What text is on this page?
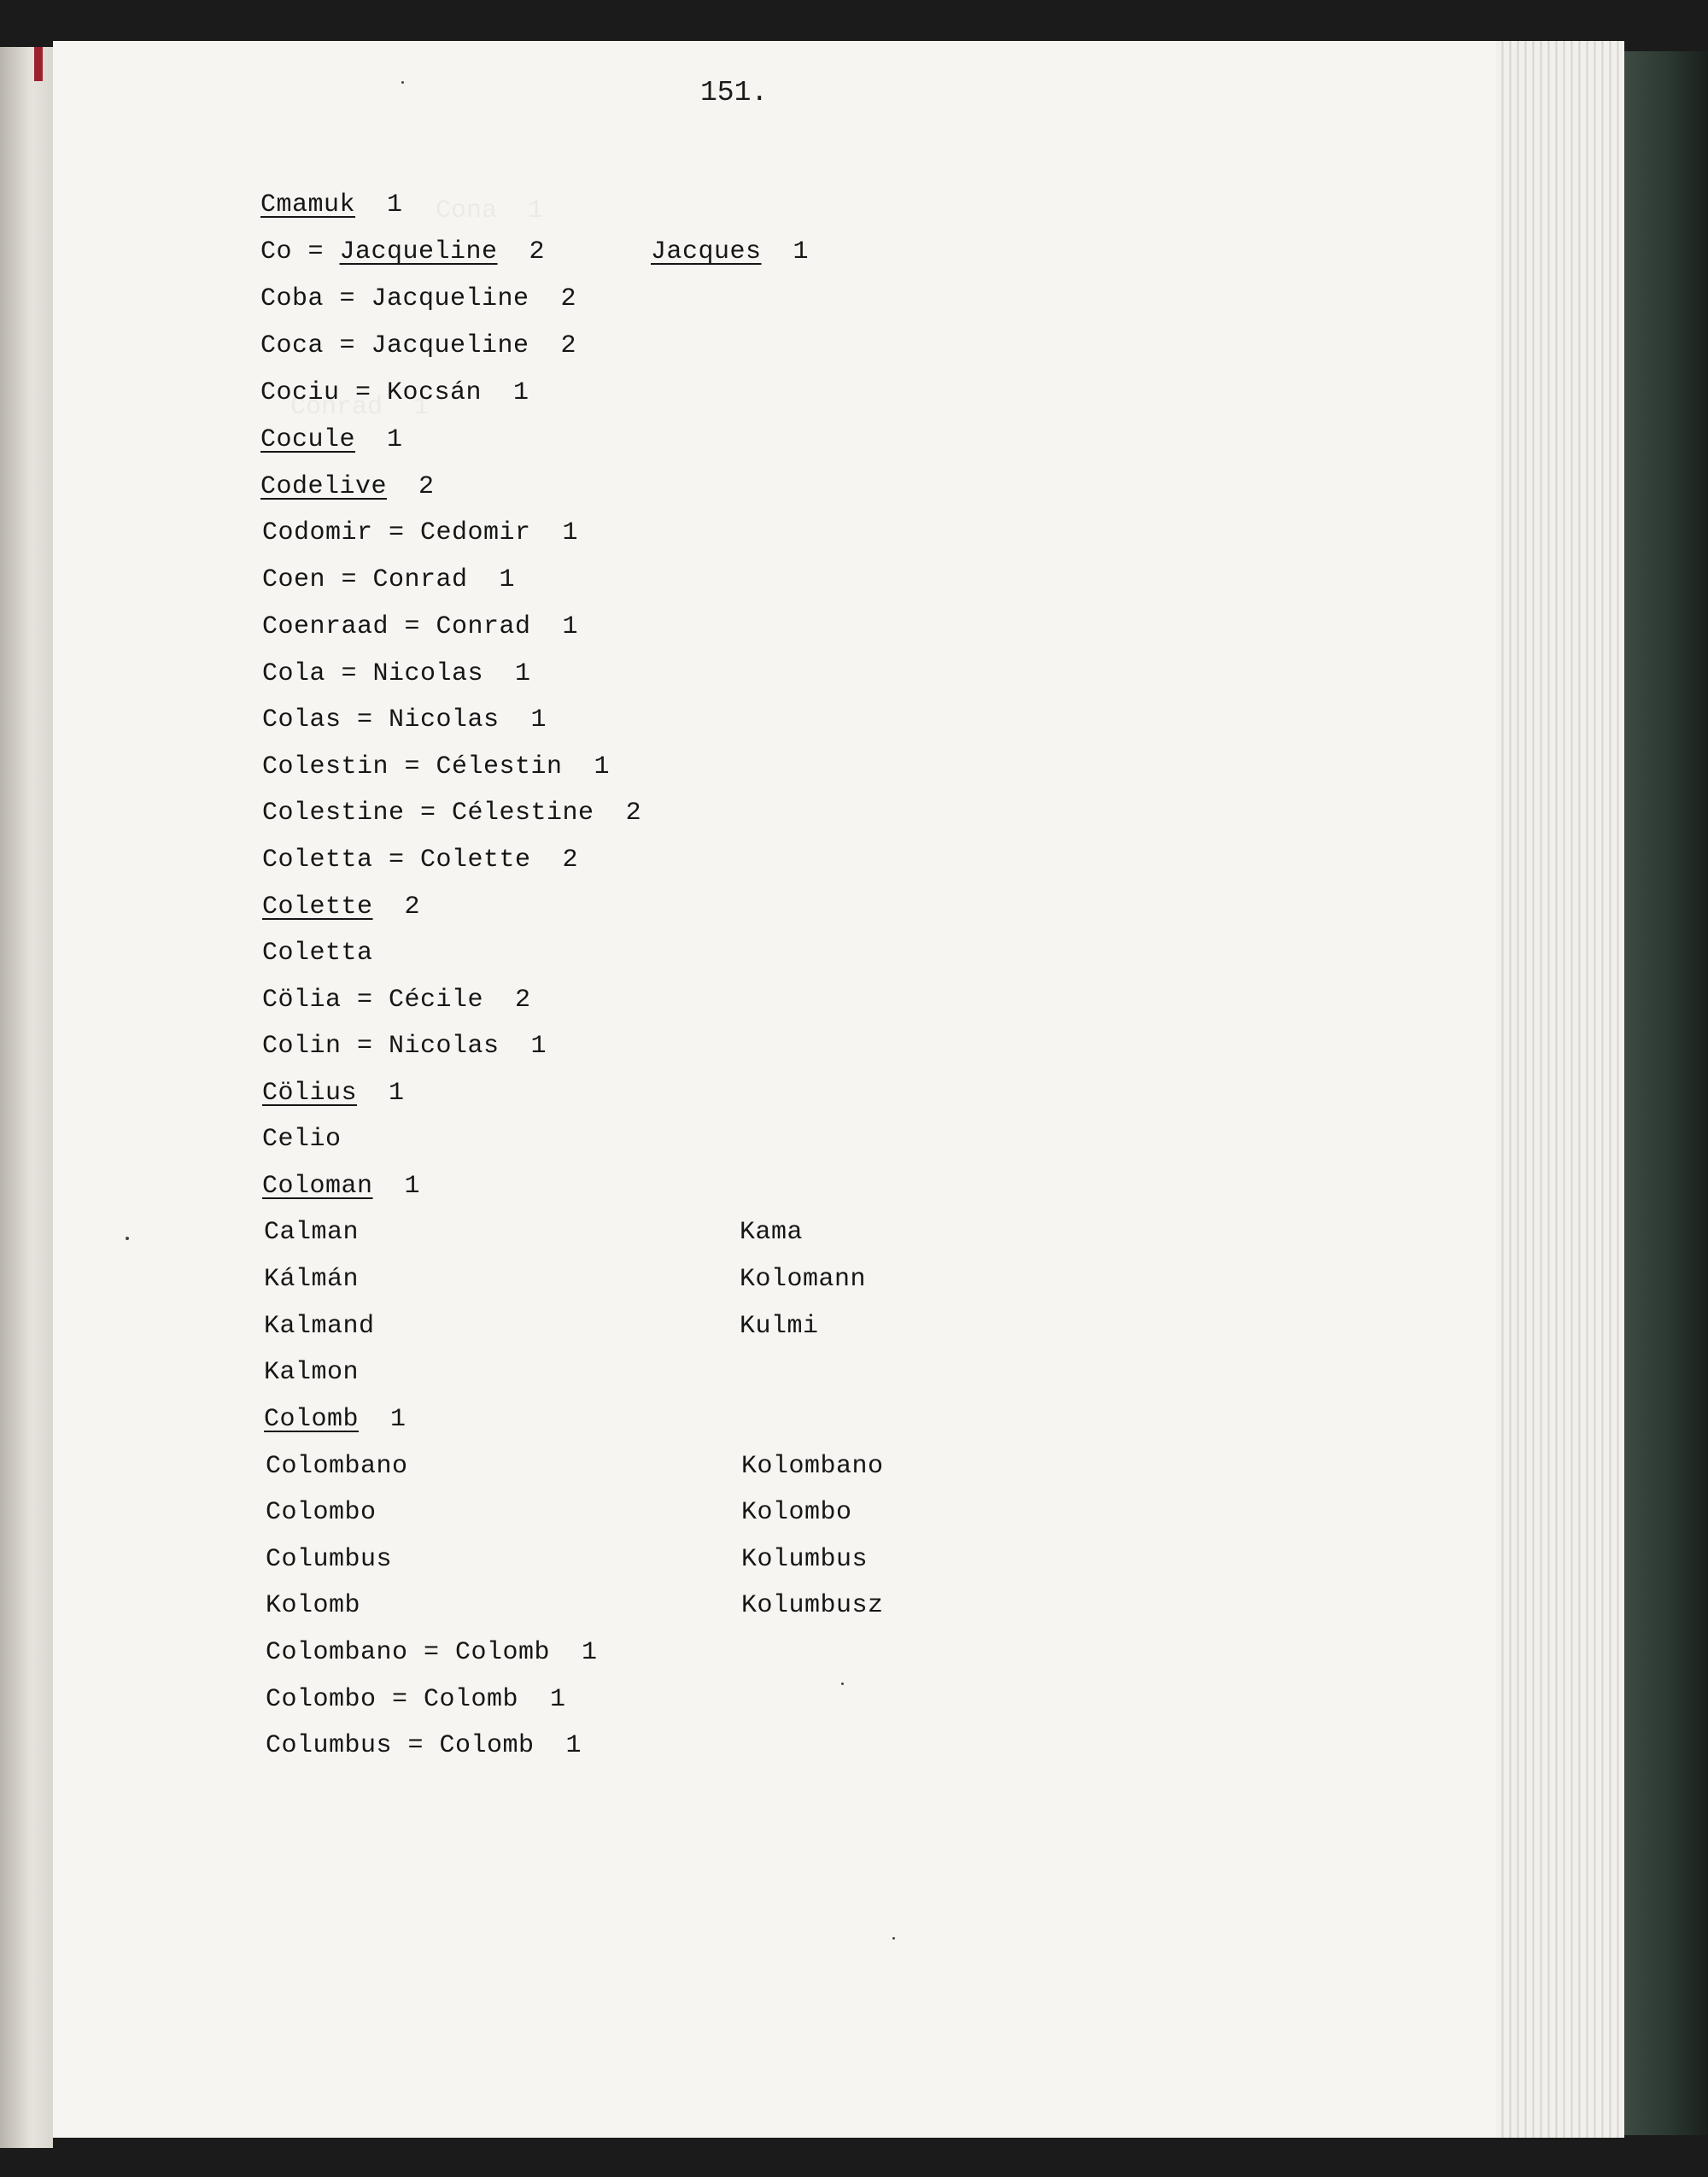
151.
Cmamuk  1
Co = Jacqueline  2	Jacques  1
Coba = Jacqueline  2
Coca = Jacqueline  2
Cociu = Kocsán  1
Cocule  1
Codelive  2
Codomir = Cedomir  1
Coen = Conrad  1
Coenraad = Conrad  1
Cola = Nicolas  1
Colas = Nicolas  1
Colestin = Célestin  1
Colestine = Célestine  2
Coletta = Colette  2
Colette  2
Coletta
Cölia = Cécile  2
Colin = Nicolas  1
Cölius  1
Celio
Coloman  1
Calman
Kálmán
Kalmand
Kalmon
Colomb  1
Colombano
Colombo
Columbus
Kolomb
Colombano = Colomb  1
Colombo = Colomb  1
Columbus = Colomb  1
Kama
Kolomann
Kulmi
Kolombano
Kolombo
Kolumbus
Kolumbusz
